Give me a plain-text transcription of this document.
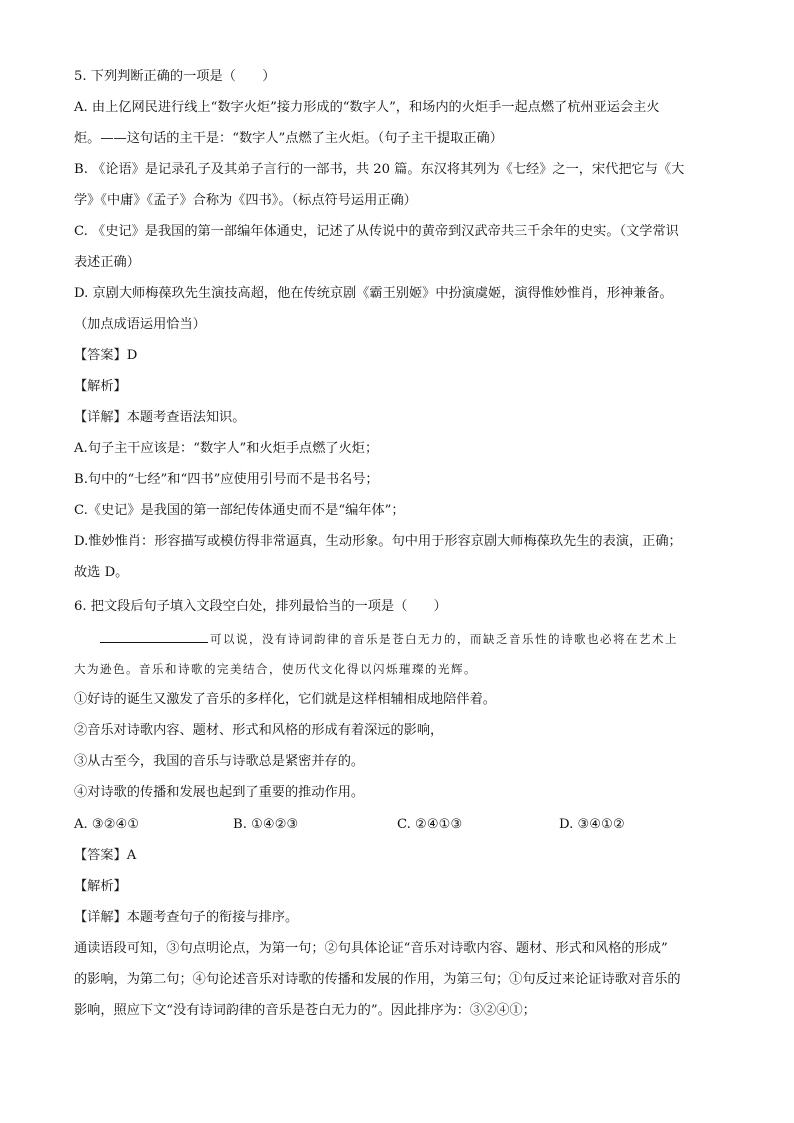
5. 下列判断正确的一项是（　　）
A. 由上亿网民进行线上“数字火炬”接力形成的“数字人”，和场内的火炬手一起点燃了杭州亚运会主火
炬。——这句话的主干是：“数字人”点燃了主火炬。（句子主干提取正确）
B. 《论语》是记录孔子及其弟子言行的一部书，共 20 篇。东汉将其列为《七经》之一，宋代把它与《大
学》《中庸》《孟子》合称为《四书》。（标点符号运用正确）
C. 《史记》是我国的第一部编年体通史，记述了从传说中的黄帝到汉武帝共三千余年的史实。（文学常识
表述正确）
D. 京剧大师梅葆玖先生演技高超，他在传统京剧《霸王别姬》中扮演虞姬，演得惟妙惟肖，形神兼备。
（加点成语运用恰当）
【答案】D
【解析】
【详解】本题考查语法知识。
A.句子主干应该是：“数字人”和火炬手点燃了火炬；
B.句中的“七经”和“四书”应使用引号而不是书名号；
C.《史记》是我国的第一部纪传体通史而不是“编年体”；
D.惟妙惟肖：形容描写或模仿得非常逼真，生动形象。句中用于形容京剧大师梅葆玖先生的表演，正确；
故选 D。
6. 把文段后句子填入文段空白处，排列最恰当的一项是（　　）
可以说，没有诗词韵律的音乐是苍白无力的，而缺乏音乐性的诗歌也必将在艺术上
大为逊色。音乐和诗歌的完美结合，使历代文化得以闪烁璀璨的光辉。
①好诗的诞生又激发了音乐的多样化，它们就是这样相辅相成地陪伴着。
②音乐对诗歌内容、题材、形式和风格的形成有着深远的影响，
③从古至今，我国的音乐与诗歌总是紧密并存的。
④对诗歌的传播和发展也起到了重要的推动作用。
A. ③②④①	B. ①④②③	C. ②④①③	D. ③④①②
【答案】A
【解析】
【详解】本题考查句子的衔接与排序。
通读语段可知，③句点明论点，为第一句；②句具体论证“音乐对诗歌内容、题材、形式和风格的形成”
的影响，为第二句；④句论述音乐对诗歌的传播和发展的作用，为第三句；①句反过来论证诗歌对音乐的
影响，照应下文“没有诗词韵律的音乐是苍白无力的”。因此排序为：③②④①；
